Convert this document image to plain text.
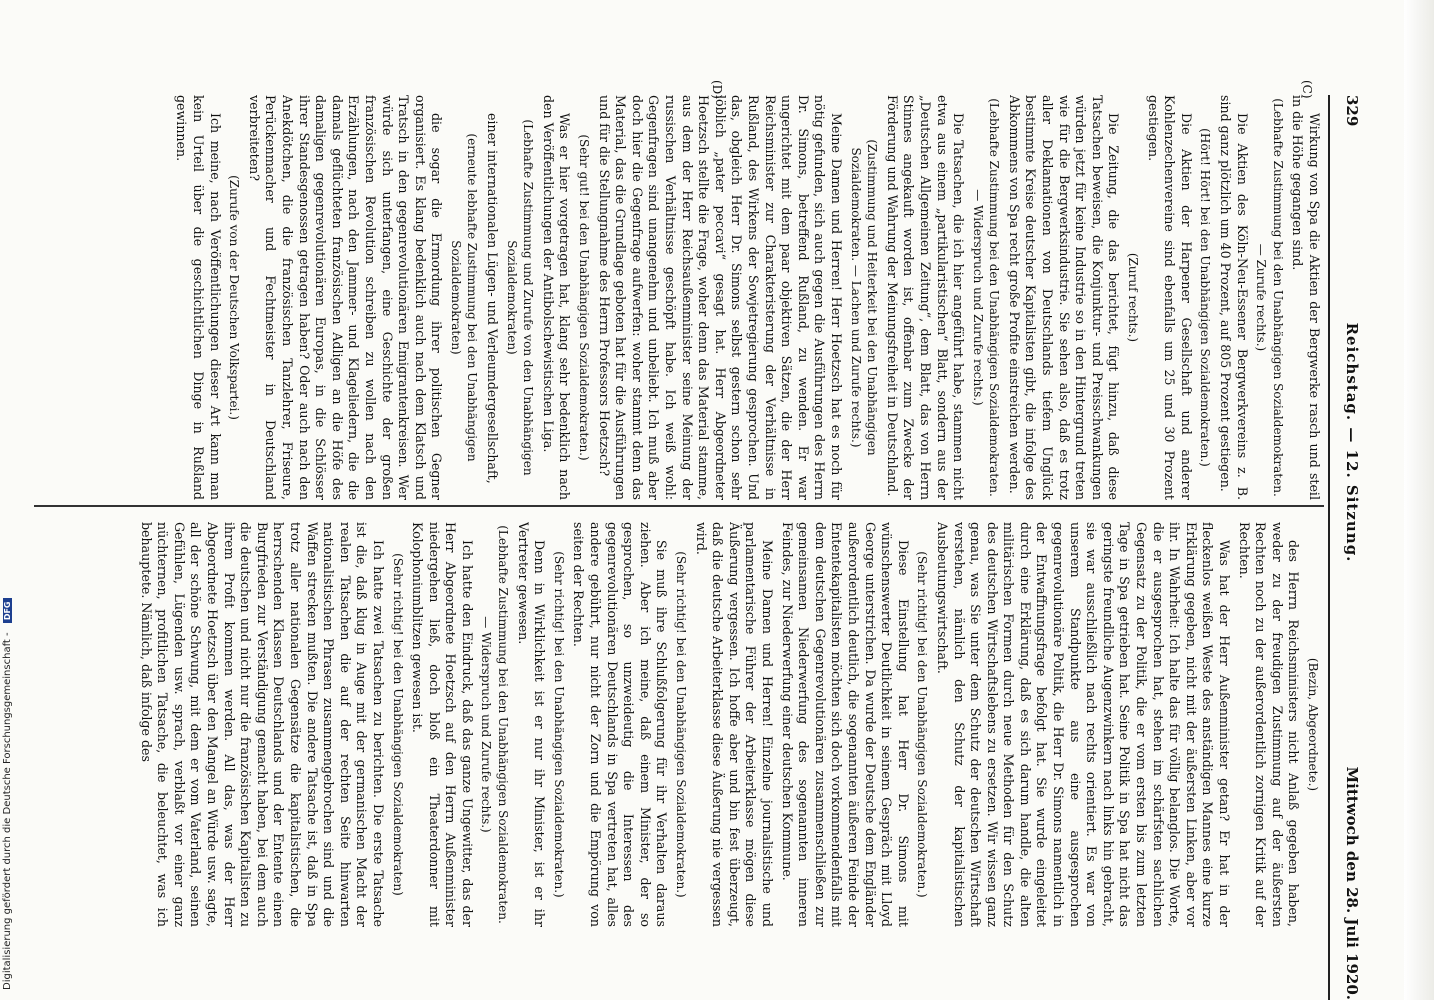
329
Reichstag. — 12. Sitzung.
Mittwoch den 28. Juli 1920.
(C)
(D)

Wirkung von Spa die Aktien der Bergwerke rasch und steil in die Höhe gegangen sind.

(Lebhafte Zustimmung bei den Unabhängigen Sozialdemokraten. — Zurufe rechts.)

Die Aktien des Köln-Neu-Essener Bergwerkvereins z. B. sind ganz plötzlich um 40 Prozent, auf 805 Prozent gestiegen.

(Hört! Hört! bei den Unabhängigen Sozialdemokraten.)

Die Aktien der Harpener Gesellschaft und anderer Kohlenzechenvereine sind ebenfalls um 25 und 30 Prozent gestiegen.

(Zuruf rechts.)

Die Zeitung, die das berichtet, fügt hinzu, daß diese Tatsachen beweisen, die Konjunktur- und Preisschwankungen würden jetzt für keine Industrie so in den Hintergrund treten wie für die Bergwerksindustrie. Sie sehen also, daß es trotz aller Deklamationen von Deutschlands tiefem Unglück bestimmte Kreise deutscher Kapitalisten gibt, die infolge des Abkommens von Spa recht große Profite einstreichen werden.

(Lebhafte Zustimmung bei den Unabhängigen Sozialdemokraten. — Widerspruch und Zurufe rechts.)

Die Tatsachen, die ich hier angeführt habe, stammen nicht etwa aus einem „partikularistischen“ Blatt, sondern aus der „Deutschen Allgemeinen Zeitung“, dem Blatt, das von Herrn Stinnes angekauft worden ist, offenbar zum Zwecke der Förderung und Wahrung der Meinungsfreiheit in Deutschland.

(Zustimmung und Heiterkeit bei den Unabhängigen Sozialdemokraten. — Lachen und Zurufe rechts.)

Meine Damen und Herren! Herr Hoetzsch hat es noch für nötig gefunden, sich auch gegen die Ausführungen des Herrn Dr. Simons, betreffend Rußland, zu wenden. Er war ungerichtet mit dem paar objektiven Sätzen, die der Herr Reichsminister zur Charakteristerung der Verhältnisse in Rußland, des Wirkens der Sowjetregierung gesprochen. Und das, obgleich Herr Dr. Simons selbst gestern schon sehr löblich „pater peccavi“ gesagt hat. Herr Abgeordneter Hoetzsch stellte die Frage, woher denn das Material stamme, aus dem der Herr Reichsaußenminister seine Meinung der russischen Verhältnisse geschöpft habe. Ich weiß wohl: Gegenfragen sind unangenehm und unbeliebt. Ich muß aber doch hier die Gegenfrage aufwerfen: woher stammt denn das Material, das die Grundlage geboten hat für die Ausführungen und für die Stellungnahme des Herrn Professors Hoetzsch?

(Sehr gut! bei den Unabhängigen Sozialdemokraten.)

Was er hier vorgetragen hat, klang sehr bedenklich nach den Veröffentlichungen der Antibolschewistischen Liga.

(Lebhafte Zustimmung und Zurufe von den Unabhängigen Sozialdemokraten)

einer internationalen Lügen- und Verleumdergesellschaft,

(erneute lebhafte Zustimmung bei den Unabhängigen Sozialdemokraten)

die sogar die Ermordung ihrer politischen Gegner organisiert. Es klang bedenklich auch nach dem Klatsch und Tratsch in den gegenrevolutionären Emigrantenkreisen. Wer würde sich unterfangen, eine Geschichte der großen französischen Revolution schreiben zu wollen nach den Erzählungen, nach den Jammer- und Klageliedern, die die damals geflüchteten französischen Adligen an die Höfe des damaligen gegenrevolutionären Europas, in die Schlösser ihrer Standesgenossen getragen haben? Oder auch nach den Anekdötchen, die die französischen Tanzlehrer, Friseure, Perückenmacher und Fechtmeister in Deutschland verbreiteten?

(Zurufe von der Deutschen Volkspartei.)

Ich meine, nach Veröffentlichungen dieser Art kann man kein Urteil über die geschichtlichen Dinge in Rußland gewinnen.

(Bezin, Abgeordnete.)

des Herrn Reichsministers nicht Anlaß gegeben haben, weder zu der freudigen Zustimmung auf der äußersten Rechten noch zu der außerordentlich zornigen Kritik auf der Rechten.

Was hat der Herr Außenminister getan? Er hat in der fleckenlos weißen Weste des anständigen Mannes eine kurze Erklärung gegeben, nicht mit der äußersten Linken, aber vor ihr. In Wahrheit: Ich halte das für völlig belanglos. Die Worte, die er ausgesprochen hat, stehen im schärfsten sachlichen Gegensatz zu der Politik, die er vom ersten bis zum letzten Tage in Spa getrieben hat. Seine Politik in Spa hat nicht das geringste freundliche Augenzwinkern nach links hin gebracht, sie war ausschließlich nach rechts orientiert. Es war von unserem Standpunkte aus eine ausgesprochen gegenrevolutionäre Politik, die Herr Dr. Simons namentlich in der Entwaffnungsfrage befolgt hat. Sie wurde eingeleitet durch eine Erklärung, daß es sich darum handle, die alten militärischen Formen durch neue Methoden für den Schutz des deutschen Wirtschaftslebens zu ersetzen. Wir wissen ganz genau, was Sie unter dem Schutz der deutschen Wirtschaft verstehen, nämlich den Schutz der kapitalistischen Ausbeutungswirtschaft.

(Sehr richtig! bei den Unabhängigen Sozialdemokraten.)

Diese Einstellung hat Herr Dr. Simons mit wünschenswerter Deutlichkeit in seinem Gespräch mit Lloyd George unterstrichen. Da wurde der Deutsche dem Engländer außerordentlich deutlich, die sogenannten äußeren Feinde der Ententekapitalisten möchten sich doch vorkommendenfalls mit dem deutschen Gegenrevolutionären zusammenschließen zur gemeinsamen Niederwerfung des sogenannten inneren Feindes, zur Niederwerfung einer deutschen Kommune.

Meine Damen und Herren! Einzelne journalistische und parlamentarische Führer der Arbeiterklasse mögen diese Äußerung vergessen. Ich hoffe aber und bin fest überzeugt, daß die deutsche Arbeiterklasse diese Äußerung nie vergessen wird.

(Sehr richtig! bei den Unabhängigen Sozialdemokraten.)

Sie muß ihre Schlußfolgerung für ihr Verhalten daraus ziehen. Aber ich meine, daß einem Minister, der so gesprochen, so unzweideutig die Interessen des gegenrevolutionären Deutschlands in Spa vertreten hat, alles andere gebührt, nur nicht der Zorn und die Empörung von seiten der Rechten.

(Sehr richtig! bei den Unabhängigen Sozialdemokraten.)

Denn in Wirklichkeit ist er nur ihr Minister, ist er ihr Vertreter gewesen.

(Lebhafte Zustimmung bei den Unabhängigen Sozialdemokraten. — Widerspruch und Zurufe rechts.)

Ich hatte den Eindruck, daß das ganze Ungewitter, das der Herr Abgeordnete Hoetzsch auf den Herrn Außenminister niedergehen ließ, doch bloß ein Theaterdonner mit Kolophoniumblitzen gewesen ist.

(Sehr richtig! bei den Unabhängigen Sozialdemokraten)

Ich hatte zwei Tatsachen zu berichten. Die erste Tatsache ist die, daß klug in Auge mit der germanischen Macht der realen Tatsachen die auf der rechten Seite hinwarten nationalistischen Phrasen zusammengebrochen sind und die Waffen strecken mußten. Die andere Tatsache ist, daß in Spa trotz aller nationalen Gegensätze die kapitalistischen, die herrschenden Klassen Deutschlands und der Entente einen Burgfrieden zur Verständigung gemacht haben, bei dem auch die deutschen und nicht nur die französischen Kapitalisten zu ihrem Profit kommen werden. All das, was der Herr Abgeordnete Hoetzsch über den Mangel an Würde usw. sagte, all der schöne Schwung, mit dem er vom Vaterland, seinen Gefühlen, Lügenden usw. sprach, verblaßt vor einer ganz nüchternen, profitlichen Tatsache, die beleuchtet, was ich behauptete. Nämlich, daß infolge des

Digitalisierung gefördert durch die Deutsche Forschungsgemeinschaft - DFG
